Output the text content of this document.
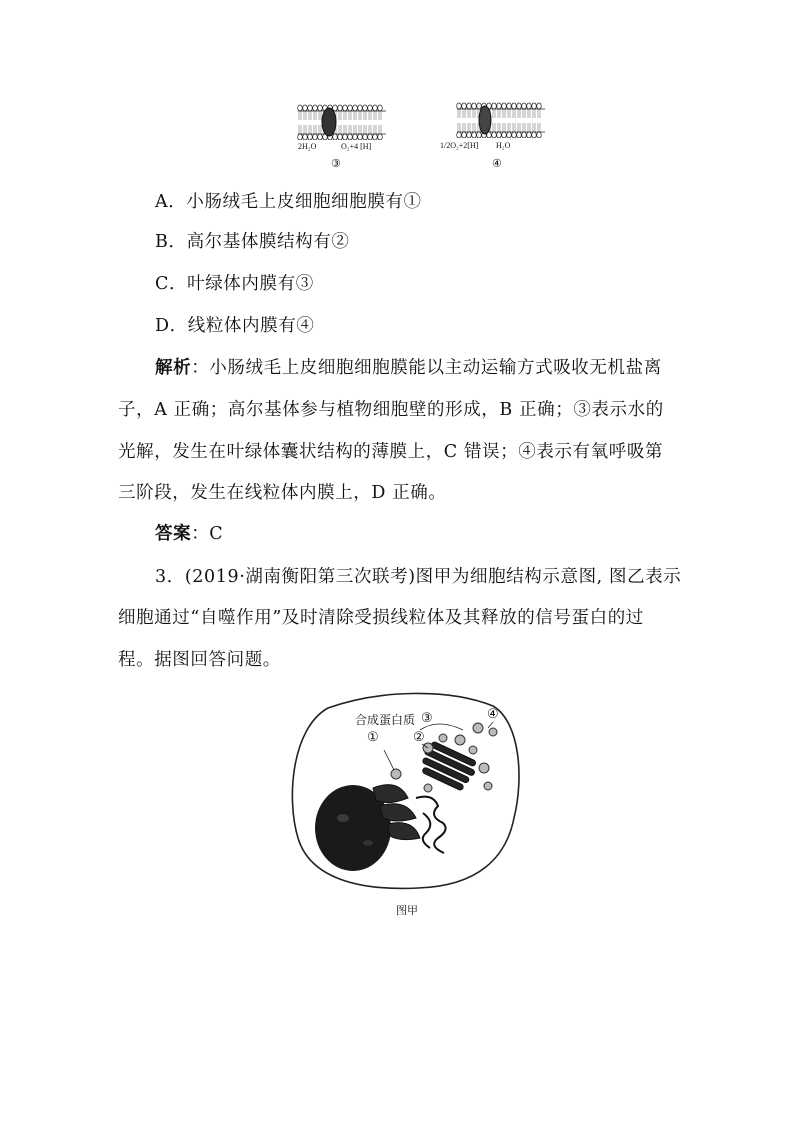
2H₂O	O₂+4 [H]
③
1/2O₂+2[H] H₂O
④
A．小肠绒毛上皮细胞细胞膜有①
B．高尔基体膜结构有②
C．叶绿体内膜有③
D．线粒体内膜有④
解析：小肠绒毛上皮细胞细胞膜能以主动运输方式吸收无机盐离
子，A 正确；高尔基体参与植物细胞壁的形成，B 正确；③表示水的
光解，发生在叶绿体囊状结构的薄膜上，C 错误；④表示有氧呼吸第
三阶段，发生在线粒体内膜上，D 正确。
答案：C
3．(2019·湖南衡阳第三次联考)图甲为细胞结构示意图, 图乙表示
细胞通过“自噬作用”及时清除受损线粒体及其释放的信号蛋白的过
程。据图回答问题。
合成蛋白质
①	②
③	④
图甲
